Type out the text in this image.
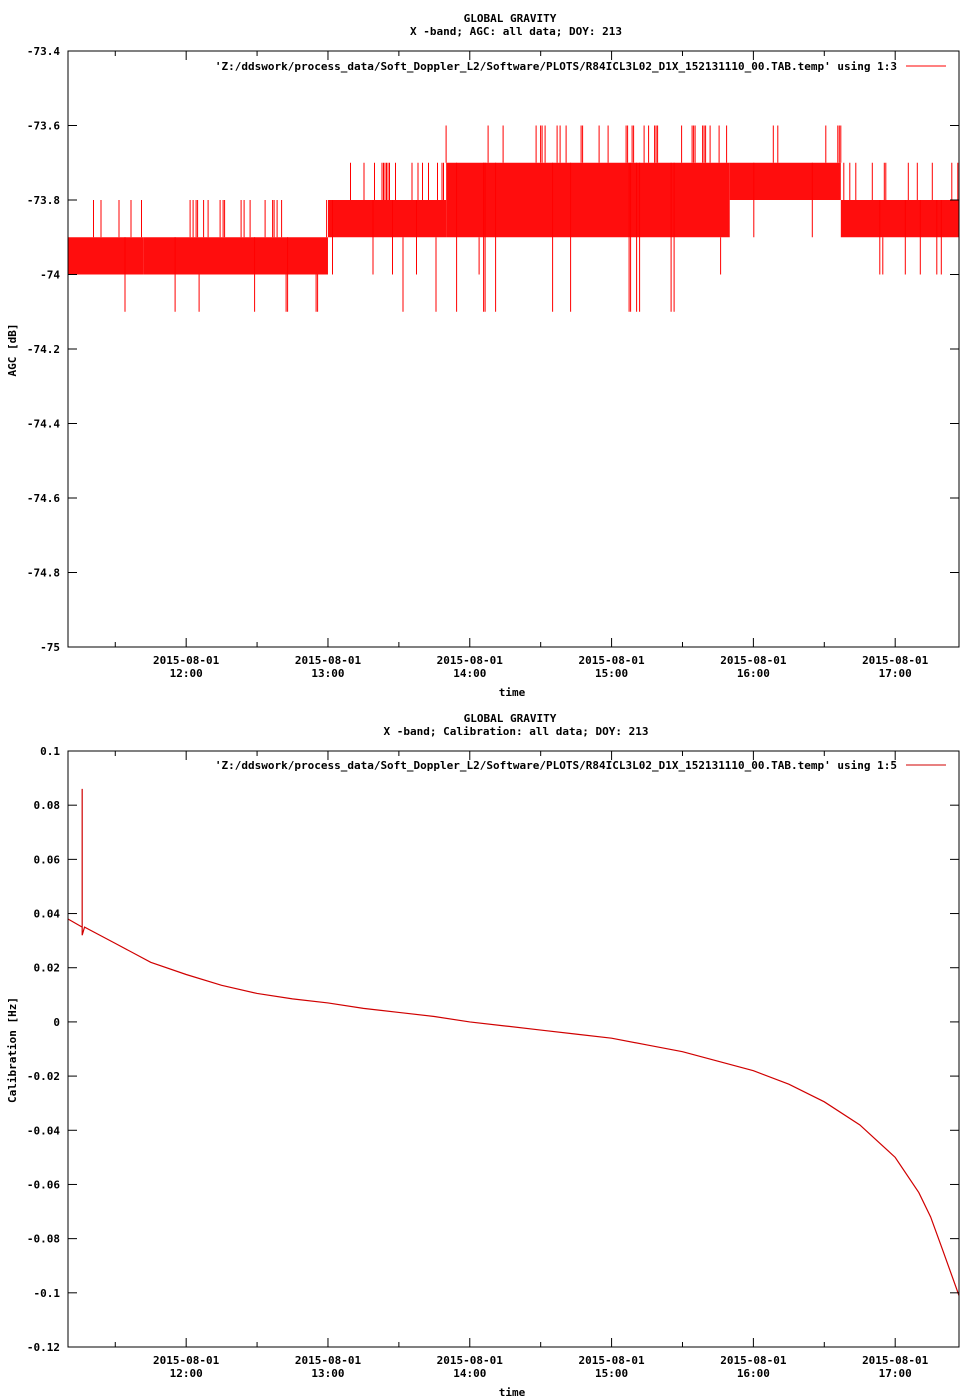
GLOBAL GRAVITY
X -band; AGC: all data; DOY: 213
AGC [dB]
time
'Z:/ddswork/process_data/Soft_Doppler_L2/Software/PLOTS/R84ICL3L02_D1X_152131110_00.TAB.temp' using 1:3
-75
-74.8
-74.6
-74.4
-74.2
-74
-73.8
-73.6
-73.4
2015-08-01
12:00
2015-08-01
13:00
2015-08-01
14:00
2015-08-01
15:00
2015-08-01
16:00
2015-08-01
17:00
GLOBAL GRAVITY
X -band; Calibration: all data; DOY: 213
Calibration [Hz]
time
'Z:/ddswork/process_data/Soft_Doppler_L2/Software/PLOTS/R84ICL3L02_D1X_152131110_00.TAB.temp' using 1:5
-0.12
-0.1
-0.08
-0.06
-0.04
-0.02
0
0.02
0.04
0.06
0.08
0.1
2015-08-01
12:00
2015-08-01
13:00
2015-08-01
14:00
2015-08-01
15:00
2015-08-01
16:00
2015-08-01
17:00
